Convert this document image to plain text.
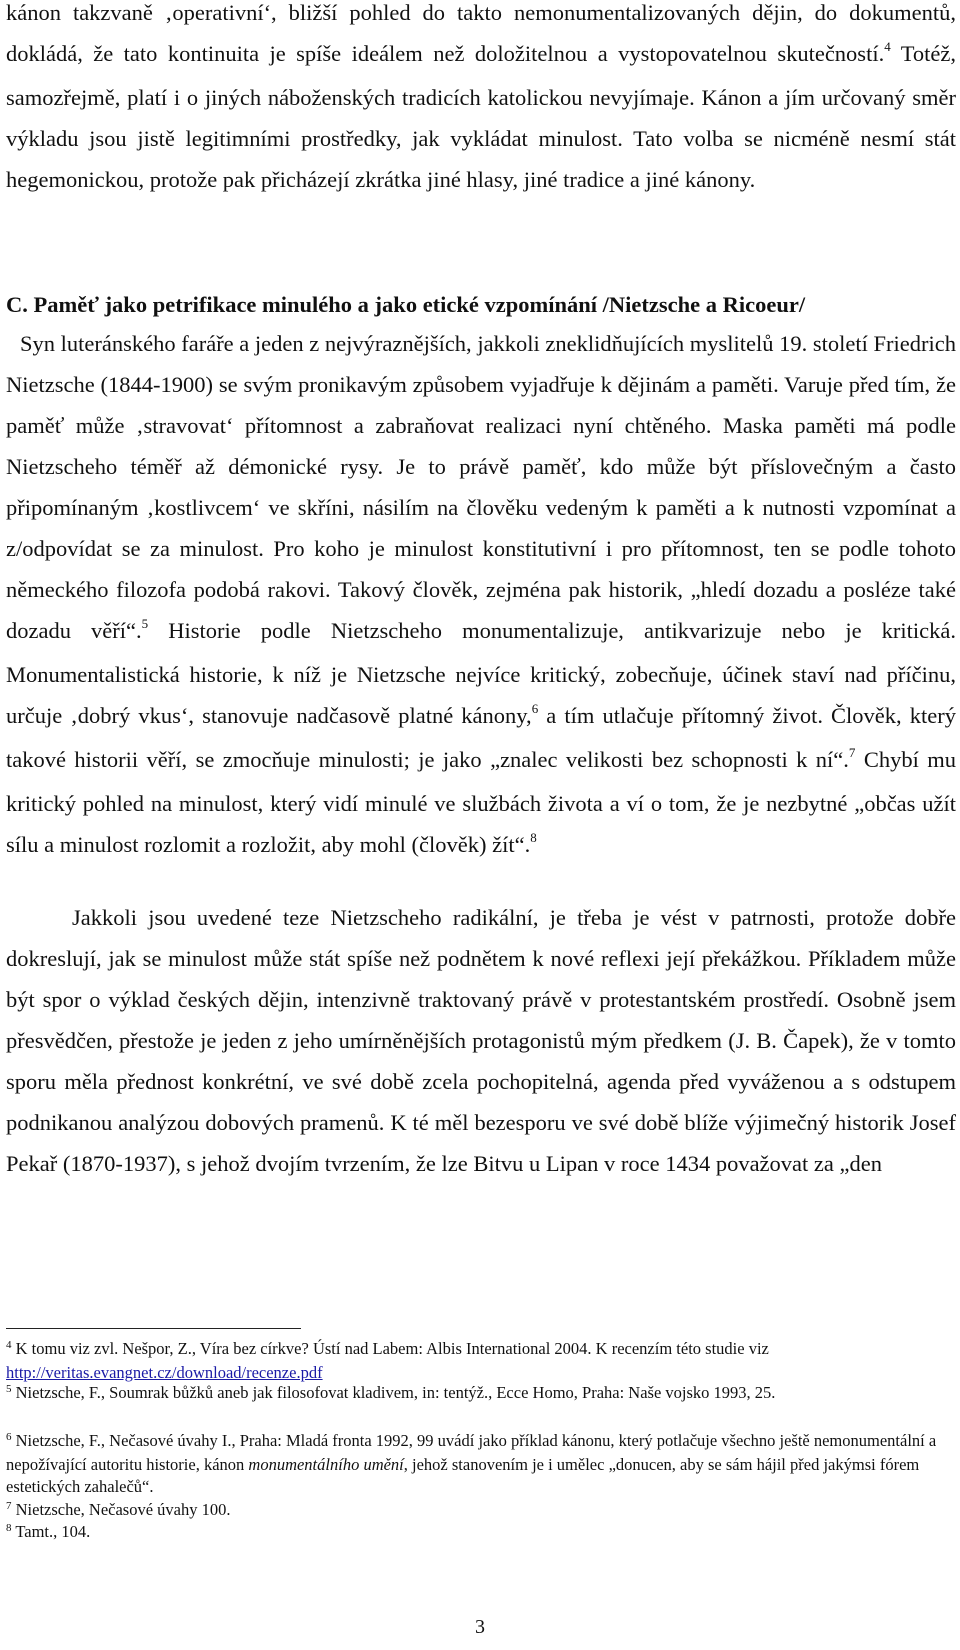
kánon takzvaně ‚operativní‘, bližší pohled do takto nemonumentalizovaných dějin, do dokumentů, dokládá, že tato kontinuita je spíše ideálem než doložitelnou a vystopovatelnou skutečností.$^4$ Totéž, samozřejmě, platí i o jiných náboženských tradicích katolickou nevyjímaje. Kánon a jím určovaný směr výkladu jsou jistě legitimními prostředky, jak vykládat minulost. Tato volba se nicméně nesmí stát hegemonickou, protože pak přicházejí zkrátka jiné hlasy, jiné tradice a jiné kánony.

C. Paměť jako petrifikace minulého a jako etické vzpomínání /Nietzsche a Ricoeur/

Syn luteránského faráře a jeden z nejvýraznějších, jakkoli zneklidňujících myslitelů 19. století Friedrich Nietzsche (1844-1900) se svým pronikavým způsobem vyjadřuje k dějinám a paměti. Varuje před tím, že paměť může ‚stravovat‘ přítomnost a zabraňovat realizaci nyní chtěného. Maska paměti má podle Nietzscheho téměř až démonické rysy. Je to právě paměť, kdo může být příslovečným a často připomínaným ‚kostlivcem‘ ve skříni, násilím na člověku vedeným k paměti a k nutnosti vzpomínat a z/odpovídat se za minulost. Pro koho je minulost konstitutivní i pro přítomnost, ten se podle tohoto německého filozofa podobá rakovi. Takový člověk, zejména pak historik, „hledí dozadu a posléze také dozadu věří“.$^5$ Historie podle Nietzscheho monumentalizuje, antikvarizuje nebo je kritická. Monumentalistická historie, k níž je Nietzsche nejvíce kritický, zobecňuje, účinek staví nad příčinu, určuje ‚dobrý vkus‘, stanovuje nadčasově platné kánony,$^6$ a tím utlačuje přítomný život. Člověk, který takové historii věří, se zmocňuje minulosti; je jako „znalec velikosti bez schopnosti k ní“.$^7$ Chybí mu kritický pohled na minulost, který vidí minulé ve službách života a ví o tom, že je nezbytné „občas užít sílu a minulost rozlomit a rozložit, aby mohl (člověk) žít“.$^8$

Jakkoli jsou uvedené teze Nietzscheho radikální, je třeba je vést v patrnosti, protože dobře dokreslují, jak se minulost může stát spíše než podnětem k nové reflexi její překážkou. Příkladem může být spor o výklad českých dějin, intenzivně traktovaný právě v protestantském prostředí. Osobně jsem přesvědčen, přestože je jeden z jeho umírněnějších protagonistů mým předkem (J. B. Čapek), že v tomto sporu měla přednost konkrétní, ve své době zcela pochopitelná, agenda před vyváženou a s odstupem podnikanou analýzou dobových pramenů. K té měl bezesporu ve své době blíže výjimečný historik Josef Pekař (1870-1937), s jehož dvojím tvrzením, že lze Bitvu u Lipan v roce 1434 považovat za „den

$^4$ K tomu viz zvl. Nešpor, Z., Víra bez církve? Ústí nad Labem: Albis International 2004. K recenzím této studie viz http://veritas.evangnet.cz/download/recenze.pdf

$^5$ Nietzsche, F., Soumrak bůžků aneb jak filosofovat kladivem, in: tentýž., Ecce Homo, Praha: Naše vojsko 1993, 25.

$^6$ Nietzsche, F., Nečasové úvahy I., Praha: Mladá fronta 1992, 99 uvádí jako příklad kánonu, který potlačuje všechno ještě nemonumentální a nepožívající autoritu historie, kánon monumentálního umění, jehož stanovením je i umělec „donucen, aby se sám hájil před jakýmsi fórem estetických zahalečů“.

$^7$ Nietzsche, Nečasové úvahy 100.

$^8$ Tamt., 104.

3
